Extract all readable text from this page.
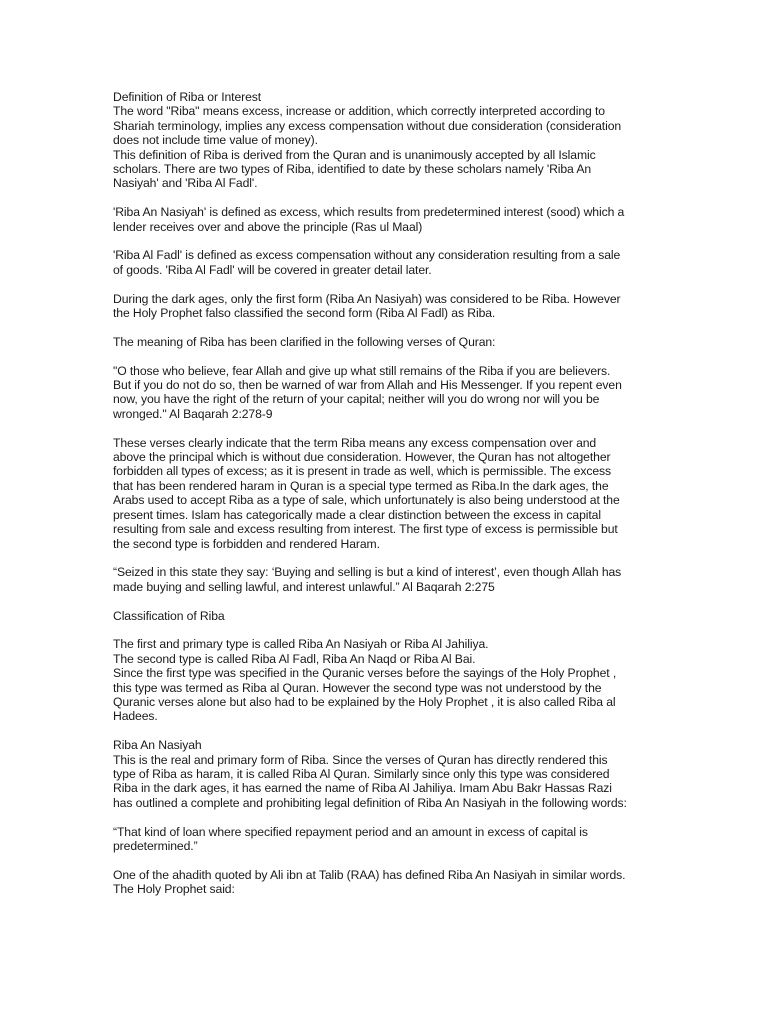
Definition of Riba or Interest

The word "Riba" means excess, increase or addition, which correctly interpreted according to
Shariah terminology, implies any excess compensation without due consideration (consideration
does not include time value of money).

This definition of Riba is derived from the Quran and is unanimously accepted by all Islamic
scholars. There are two types of Riba, identified to date by these scholars namely 'Riba An
Nasiyah' and 'Riba Al Fadl'.

'Riba An Nasiyah' is defined as excess, which results from predetermined interest (sood) which a
lender receives over and above the principle (Ras ul Maal)

'Riba Al Fadl' is defined as excess compensation without any consideration resulting from a sale
of goods. 'Riba Al Fadl' will be covered in greater detail later.

During the dark ages, only the first form (Riba An Nasiyah) was considered to be Riba. However
the Holy Prophet falso classified the second form (Riba Al Fadl) as Riba.

The meaning of Riba has been clarified in the following verses of Quran:

"O those who believe, fear Allah and give up what still remains of the Riba if you are believers.
But if you do not do so, then be warned of war from Allah and His Messenger. If you repent even
now, you have the right of the return of your capital; neither will you do wrong nor will you be
wronged." Al Baqarah 2:278-9

These verses clearly indicate that the term Riba means any excess compensation over and
above the principal which is without due consideration. However, the Quran has not altogether
forbidden all types of excess; as it is present in trade as well, which is permissible. The excess
that has been rendered haram in Quran is a special type termed as Riba.In the dark ages, the
Arabs used to accept Riba as a type of sale, which unfortunately is also being understood at the
present times. Islam has categorically made a clear distinction between the excess in capital
resulting from sale and excess resulting from interest. The first type of excess is permissible but
the second type is forbidden and rendered Haram.

“Seized in this state they say: ‘Buying and selling is but a kind of interest’, even though Allah has
made buying and selling lawful, and interest unlawful.” Al Baqarah 2:275

Classification of Riba

The first and primary type is called Riba An Nasiyah or Riba Al Jahiliya.
The second type is called Riba Al Fadl, Riba An Naqd or Riba Al Bai.
Since the first type was specified in the Quranic verses before the sayings of the Holy Prophet ,
this type was termed as Riba al Quran. However the second type was not understood by the
Quranic verses alone but also had to be explained by the Holy Prophet , it is also called Riba al
Hadees.

Riba An Nasiyah

This is the real and primary form of Riba. Since the verses of Quran has directly rendered this
type of Riba as haram, it is called Riba Al Quran. Similarly since only this type was considered
Riba in the dark ages, it has earned the name of Riba Al Jahiliya. Imam Abu Bakr Hassas Razi
has outlined a complete and prohibiting legal definition of Riba An Nasiyah in the following words:

“That kind of loan where specified repayment period and an amount in excess of capital is
predetermined.”

One of the ahadith quoted by Ali ibn at Talib (RAA) has defined Riba An Nasiyah in similar words.
The Holy Prophet said:
